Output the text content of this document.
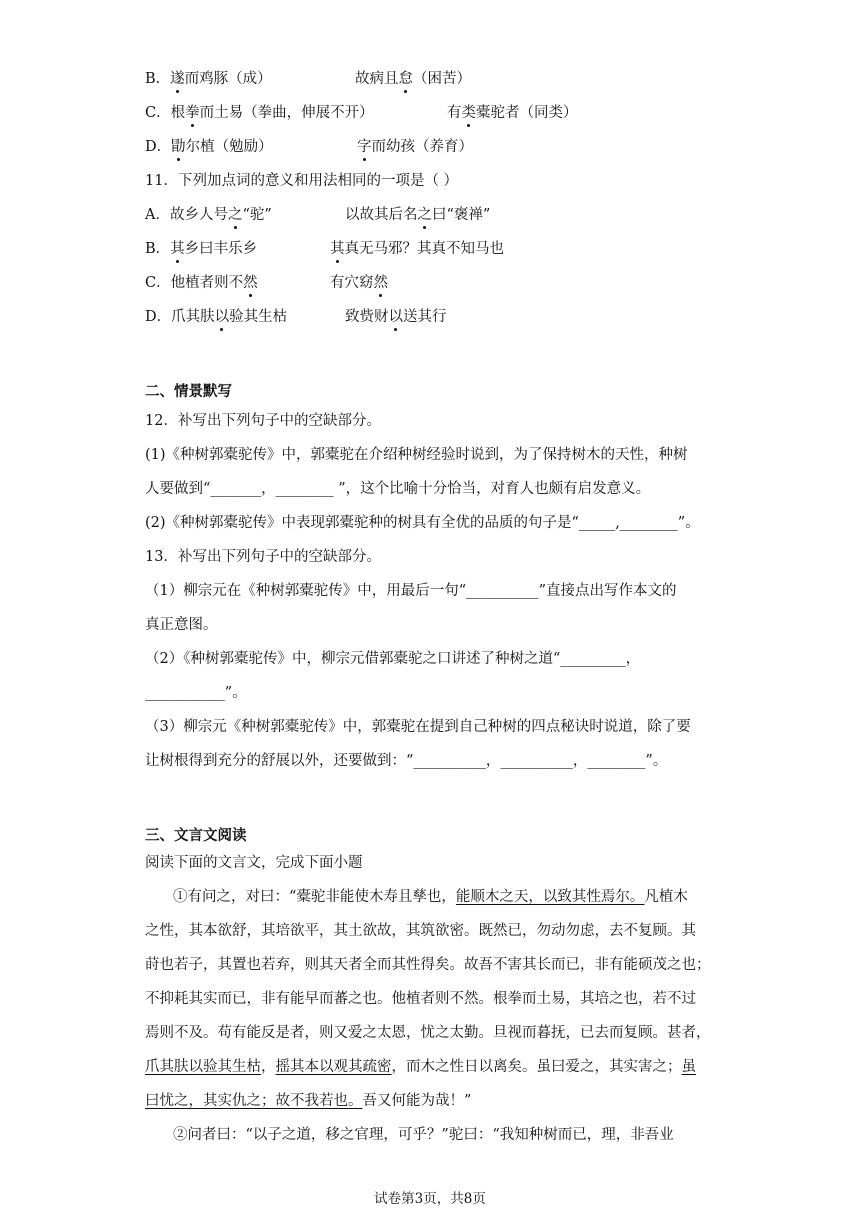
B．遂而鸡豚（成）	故病且怠（困苦）
C．根拳而土易（拳曲，伸展不开）	有类橐驼者（同类）
D．勖尔植（勉励）	字而幼孩（养育）
11．下列加点词的意义和用法相同的一项是（ ）
A．故乡人号之“驼”	以故其后名之曰“褒禅”
B．其乡曰丰乐乡	其真无马邪？其真不知马也
C．他植者则不然	有穴窈然
D．爪其肤以验其生枯	致赀财以送其行
二、情景默写
12．补写出下列句子中的空缺部分。
(1)《种树郭橐驼传》中，郭橐驼在介绍种树经验时说到，为了保持树木的天性，种树
人要做到“_______，________ ”，这个比喻十分恰当，对育人也颇有启发意义。
(2)《种树郭橐驼传》中表现郭橐驼种的树具有全优的品质的句子是“_____,________”。
13．补写出下列句子中的空缺部分。
（1）柳宗元在《种树郭橐驼传》中，用最后一句“__________”直接点出写作本文的
真正意图。
（2）《种树郭橐驼传》中，柳宗元借郭橐驼之口讲述了种树之道“_________，
___________”。
（3）柳宗元《种树郭橐驼传》中，郭橐驼在提到自己种树的四点秘诀时说道，除了要
让树根得到充分的舒展以外，还要做到：“__________，__________，________”。
三、文言文阅读
阅读下面的文言文，完成下面小题
①有问之，对曰：“橐驼非能使木寿且孳也，能顺木之天，以致其性焉尔。凡植木
之性，其本欲舒，其培欲平，其土欲故，其筑欲密。既然已，勿动勿虑，去不复顾。其
莳也若子，其置也若弃，则其天者全而其性得矣。故吾不害其长而已，非有能硕茂之也；
不抑耗其实而已，非有能早而蕃之也。他植者则不然。根拳而土易，其培之也，若不过
焉则不及。苟有能反是者，则又爱之太恩，忧之太勤。旦视而暮抚，已去而复顾。甚者，
爪其肤以验其生枯，摇其本以观其疏密，而木之性日以离矣。虽曰爱之，其实害之；虽
曰忧之，其实仇之；故不我若也。吾又何能为哉！”
②问者曰：“以子之道，移之官理，可乎？”驼曰：“我知种树而已，理，非吾业
试卷第3页，共8页
